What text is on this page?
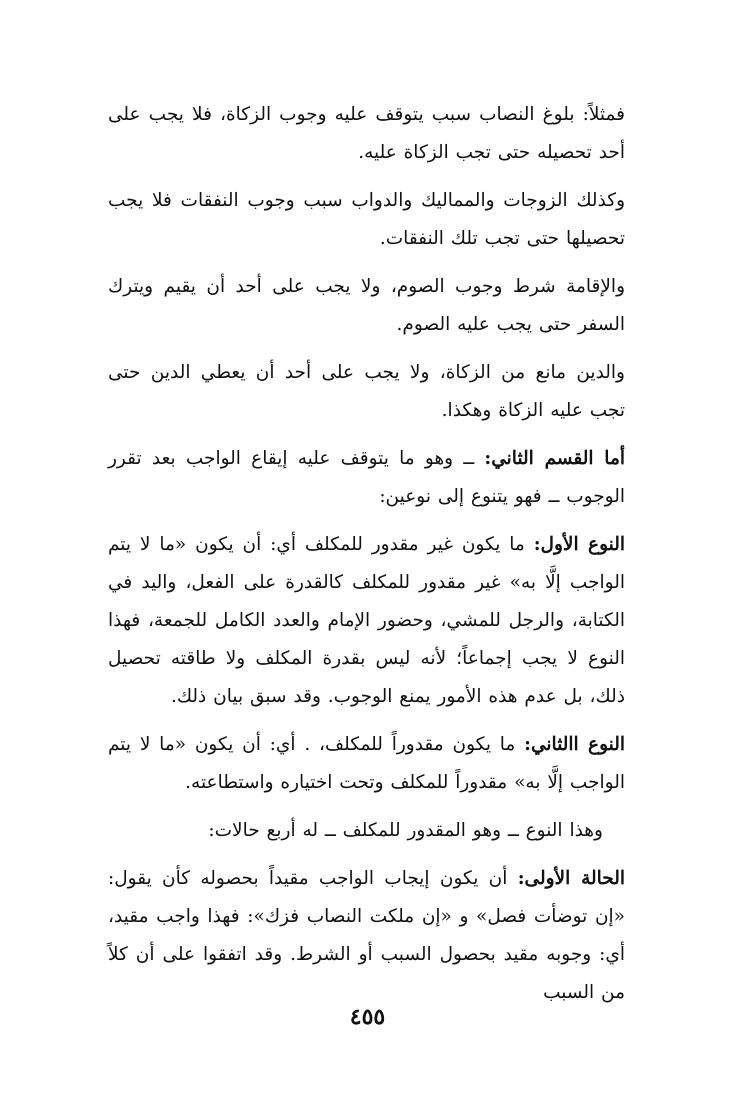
فمثلاً: بلوغ النصاب سبب يتوقف عليه وجوب الزكاة، فلا يجب على أحد تحصيله حتى تجب الزكاة عليه.

وكذلك الزوجات والمماليك والدواب سبب وجوب النفقات فلا يجب تحصيلها حتى تجب تلك النفقات.

والإقامة شرط وجوب الصوم، ولا يجب على أحد أن يقيم ويترك السفر حتى يجب عليه الصوم.

والدين مانع من الزكاة، ولا يجب على أحد أن يعطي الدين حتى تجب عليه الزكاة وهكذا.

أما القسم الثاني: ــ وهو ما يتوقف عليه إيقاع الواجب بعد تقرر الوجوب ــ فهو يتنوع إلى نوعين:

النوع الأول: ما يكون غير مقدور للمكلف أي: أن يكون «ما لا يتم الواجب إلَّا به» غير مقدور للمكلف كالقدرة على الفعل، واليد في الكتابة، والرجل للمشي، وحضور الإمام والعدد الكامل للجمعة، فهذا النوع لا يجب إجماعاً؛ لأنه ليس بقدرة المكلف ولا طاقته تحصيل ذلك، بل عدم هذه الأمور يمنع الوجوب. وقد سبق بيان ذلك.

النوع االثاني: ما يكون مقدوراً للمكلف، . أي: أن يكون «ما لا يتم الواجب إلَّا به» مقدوراً للمكلف وتحت اختياره واستطاعته.

وهذا النوع ــ وهو المقدور للمكلف ــ له أربع حالات:

الحالة الأولى: أن يكون إيجاب الواجب مقيداً بحصوله كأن يقول: «إن توضأت فصل» و «إن ملكت النصاب فزك»: فهذا واجب مقيد، أي: وجوبه مقيد بحصول السبب أو الشرط. وقد اتفقوا على أن كلاً من السبب

٤٥٥
